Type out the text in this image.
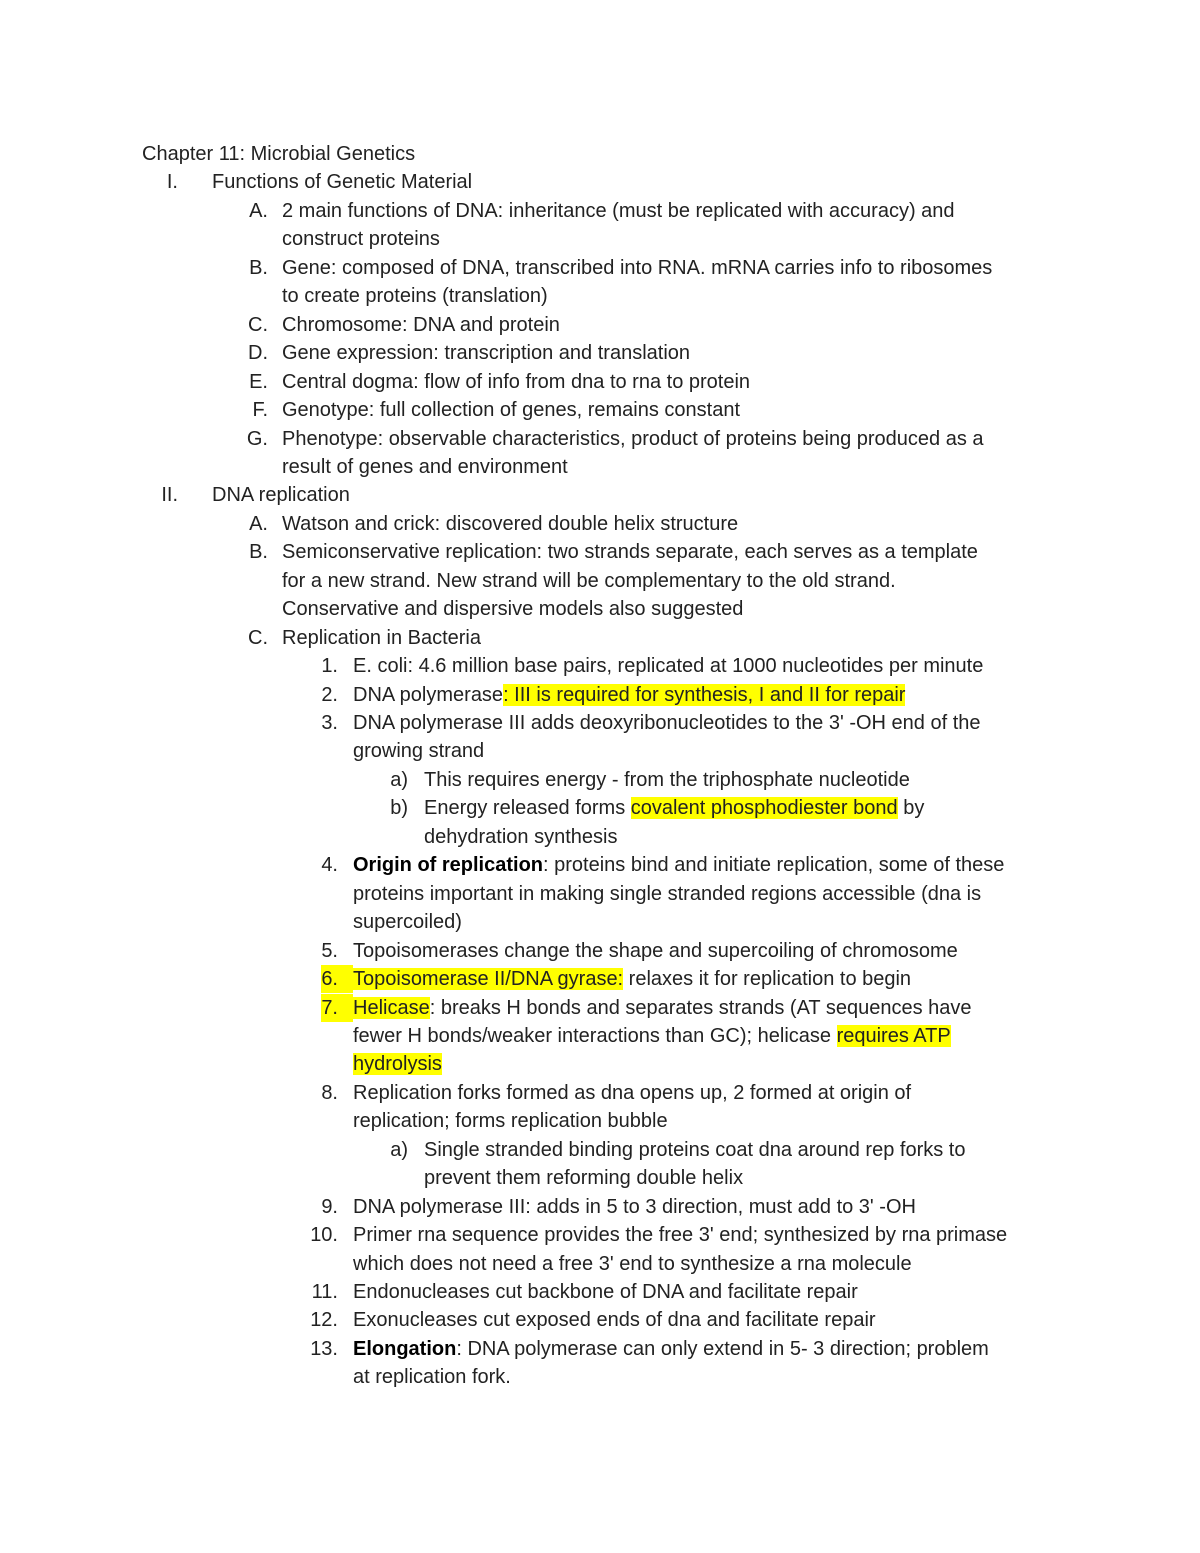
Chapter 11: Microbial Genetics

I. Functions of Genetic Material
A. 2 main functions of DNA: inheritance (must be replicated with accuracy) and
construct proteins
B. Gene: composed of DNA, transcribed into RNA. mRNA carries info to ribosomes
to create proteins (translation)
C. Chromosome: DNA and protein
D. Gene expression: transcription and translation
E. Central dogma: flow of info from dna to rna to protein
F. Genotype: full collection of genes, remains constant
G. Phenotype: observable characteristics, product of proteins being produced as a
result of genes and environment
II. DNA replication
A. Watson and crick: discovered double helix structure
B. Semiconservative replication: two strands separate, each serves as a template
for a new strand. New strand will be complementary to the old strand.
Conservative and dispersive models also suggested
C. Replication in Bacteria
1. E. coli: 4.6 million base pairs, replicated at 1000 nucleotides per minute
2. DNA polymerase: III is required for synthesis, I and II for repair
3. DNA polymerase III adds deoxyribonucleotides to the 3' -OH end of the
growing strand
a) This requires energy - from the triphosphate nucleotide
b) Energy released forms covalent phosphodiester bond by
dehydration synthesis
4. Origin of replication: proteins bind and initiate replication, some of these
proteins important in making single stranded regions accessible (dna is
supercoiled)
5. Topoisomerases change the shape and supercoiling of chromosome
6. Topoisomerase II/DNA gyrase: relaxes it for replication to begin
7. Helicase: breaks H bonds and separates strands (AT sequences have
fewer H bonds/weaker interactions than GC); helicase requires ATP
hydrolysis
8. Replication forks formed as dna opens up, 2 formed at origin of
replication; forms replication bubble
a) Single stranded binding proteins coat dna around rep forks to
prevent them reforming double helix
9. DNA polymerase III: adds in 5 to 3 direction, must add to 3' -OH
10. Primer rna sequence provides the free 3' end; synthesized by rna primase
which does not need a free 3' end to synthesize a rna molecule
11. Endonucleases cut backbone of DNA and facilitate repair
12. Exonucleases cut exposed ends of dna and facilitate repair
13. Elongation: DNA polymerase can only extend in 5- 3 direction; problem
at replication fork.
